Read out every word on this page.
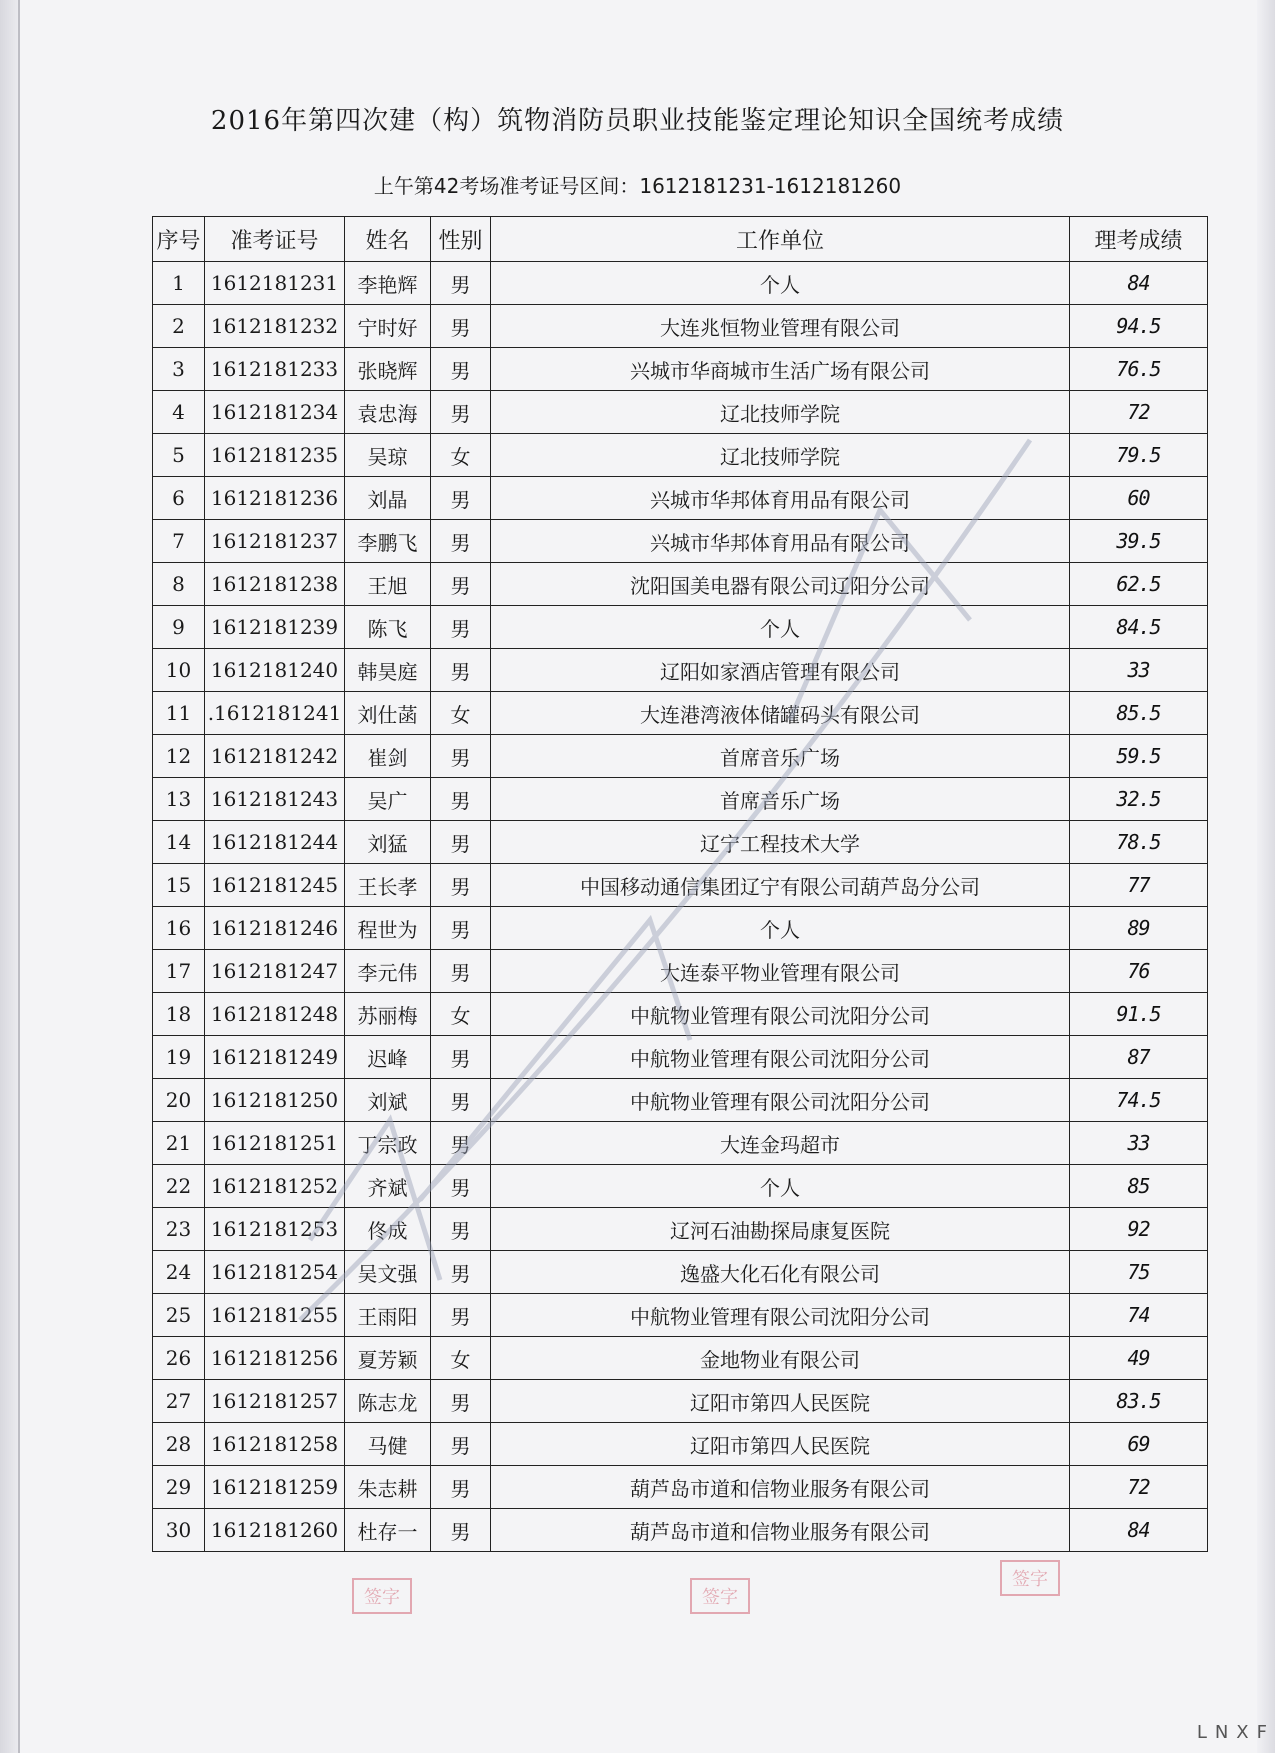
2016年第四次建（构）筑物消防员职业技能鉴定理论知识全国统考成绩
上午第42考场准考证号区间：1612181231-1612181260
序号	准考证号	姓名	性别	工作单位	理考成绩
1	1612181231	李艳辉	男	个人	84
2	1612181232	宁时好	男	大连兆恒物业管理有限公司	94.5
3	1612181233	张晓辉	男	兴城市华商城市生活广场有限公司	76.5
4	1612181234	袁忠海	男	辽北技师学院	72
5	1612181235	吴琼	女	辽北技师学院	79.5
6	1612181236	刘晶	男	兴城市华邦体育用品有限公司	60
7	1612181237	李鹏飞	男	兴城市华邦体育用品有限公司	39.5
8	1612181238	王旭	男	沈阳国美电器有限公司辽阳分公司	62.5
9	1612181239	陈飞	男	个人	84.5
10	1612181240	韩昊庭	男	辽阳如家酒店管理有限公司	33
11	.1612181241	刘仕菡	女	大连港湾液体储罐码头有限公司	85.5
12	1612181242	崔剑	男	首席音乐广场	59.5
13	1612181243	吴广	男	首席音乐广场	32.5
14	1612181244	刘猛	男	辽宁工程技术大学	78.5
15	1612181245	王长孝	男	中国移动通信集团辽宁有限公司葫芦岛分公司	77
16	1612181246	程世为	男	个人	89
17	1612181247	李元伟	男	大连泰平物业管理有限公司	76
18	1612181248	苏丽梅	女	中航物业管理有限公司沈阳分公司	91.5
19	1612181249	迟峰	男	中航物业管理有限公司沈阳分公司	87
20	1612181250	刘斌	男	中航物业管理有限公司沈阳分公司	74.5
21	1612181251	丁宗政	男	大连金玛超市	33
22	1612181252	齐斌	男	个人	85
23	1612181253	佟成	男	辽河石油勘探局康复医院	92
24	1612181254	吴文强	男	逸盛大化石化有限公司	75
25	1612181255	王雨阳	男	中航物业管理有限公司沈阳分公司	74
26	1612181256	夏芳颖	女	金地物业有限公司	49
27	1612181257	陈志龙	男	辽阳市第四人民医院	83.5
28	1612181258	马健	男	辽阳市第四人民医院	69
29	1612181259	朱志耕	男	葫芦岛市道和信物业服务有限公司	72
30	1612181260	杜存一	男	葫芦岛市道和信物业服务有限公司	84
签字	签字
签字
LNXF
